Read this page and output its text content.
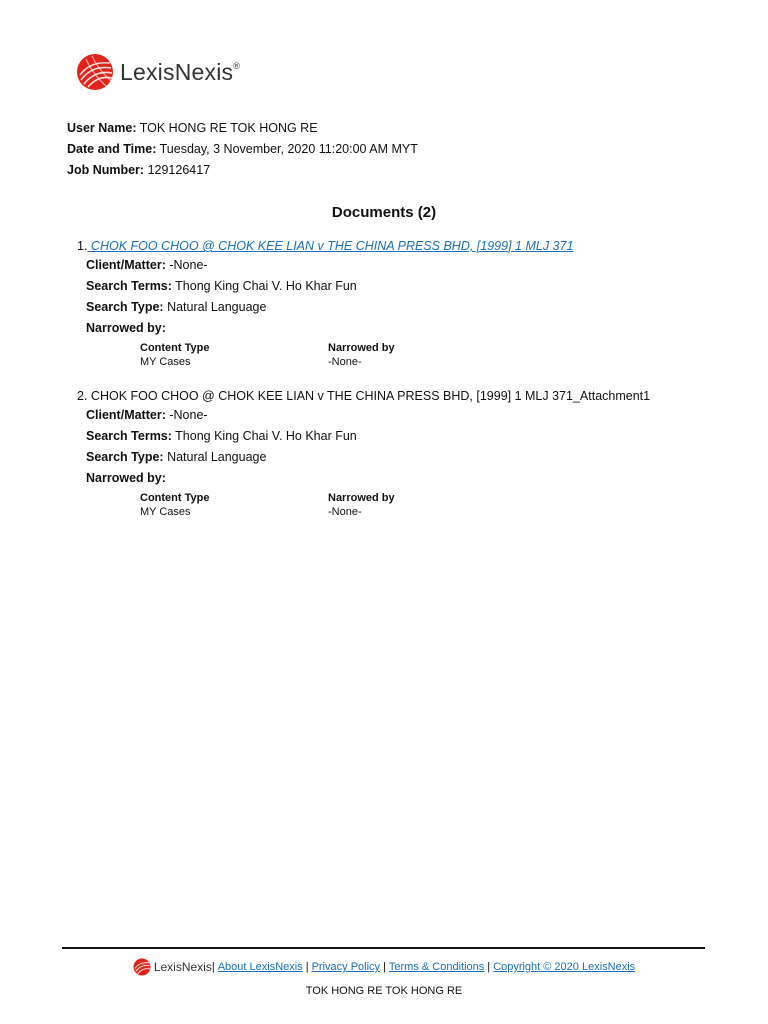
LexisNexis®
User Name: TOK HONG RE TOK HONG RE
Date and Time: Tuesday, 3 November, 2020 11:20:00 AM MYT
Job Number: 129126417
Documents (2)
1. CHOK FOO CHOO @ CHOK KEE LIAN v THE CHINA PRESS BHD, [1999] 1 MLJ 371
Client/Matter: -None-
Search Terms: Thong King Chai V. Ho Khar Fun
Search Type: Natural Language
Narrowed by:
Content Type
MY Cases
Narrowed by
-None-
2. CHOK FOO CHOO @ CHOK KEE LIAN v THE CHINA PRESS BHD, [1999] 1 MLJ 371_Attachment1
Client/Matter: -None-
Search Terms: Thong King Chai V. Ho Khar Fun
Search Type: Natural Language
Narrowed by:
Content Type
MY Cases
Narrowed by
-None-
LexisNexis | About LexisNexis | Privacy Policy | Terms & Conditions | Copyright © 2020 LexisNexis
TOK HONG RE TOK HONG RE
